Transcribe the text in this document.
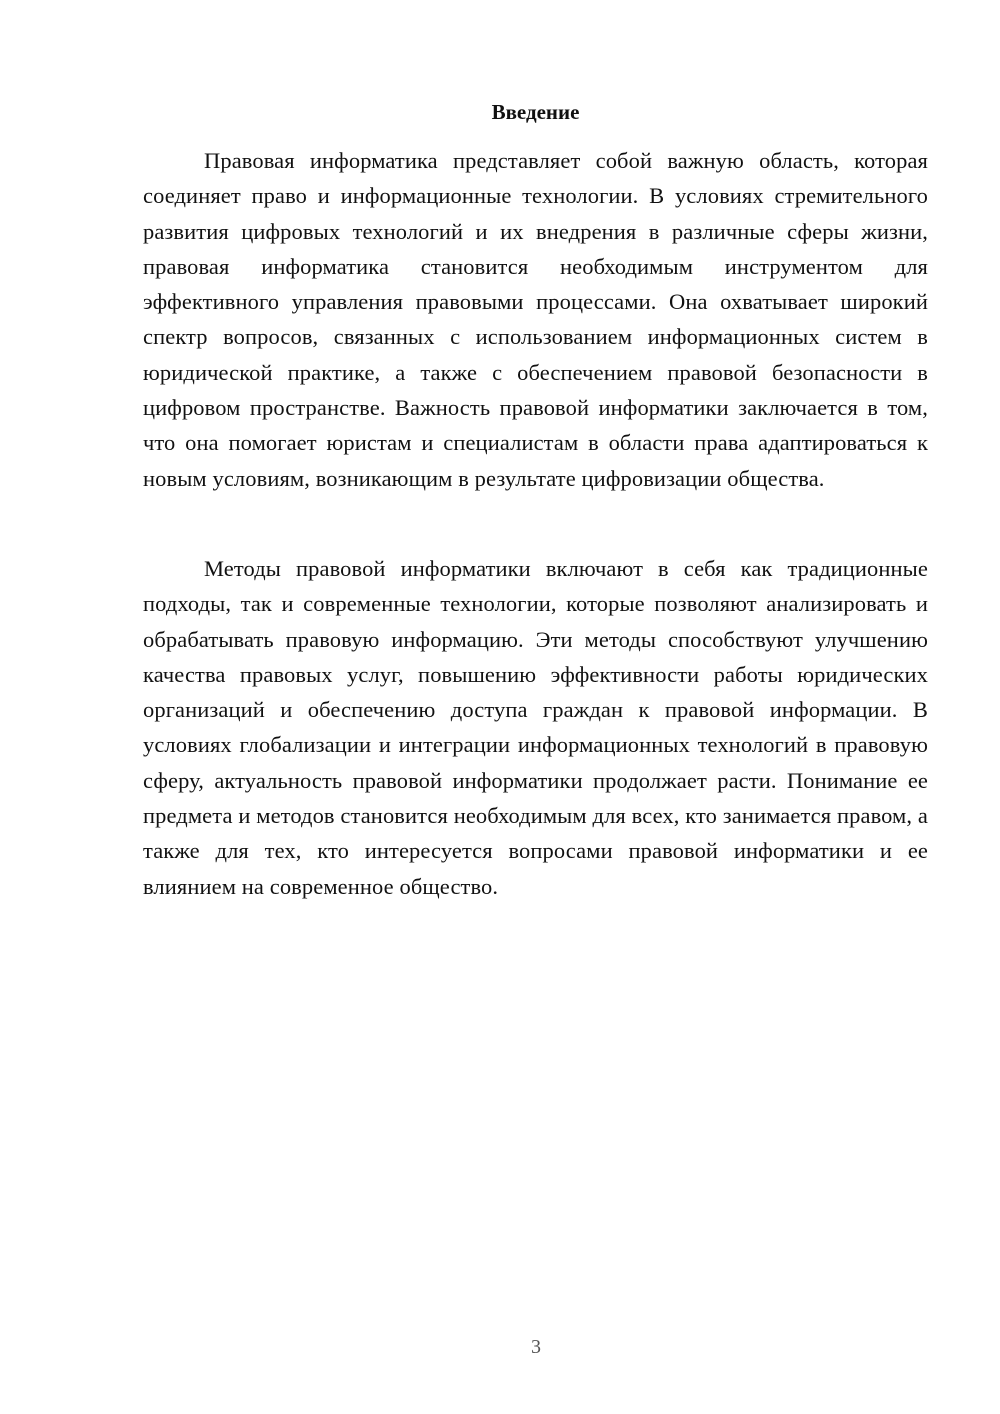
Введение

Правовая информатика представляет собой важную область, которая соединяет право и информационные технологии. В условиях стремительного развития цифровых технологий и их внедрения в различные сферы жизни, правовая информатика становится необходимым инструментом для эффективного управления правовыми процессами. Она охватывает широкий спектр вопросов, связанных с использованием информационных систем в юридической практике, а также с обеспечением правовой безопасности в цифровом пространстве. Важность правовой информатики заключается в том, что она помогает юристам и специалистам в области права адаптироваться к новым условиям, возникающим в результате цифровизации общества.

Методы правовой информатики включают в себя как традиционные подходы, так и современные технологии, которые позволяют анализировать и обрабатывать правовую информацию. Эти методы способствуют улучшению качества правовых услуг, повышению эффективности работы юридических организаций и обеспечению доступа граждан к правовой информации. В условиях глобализации и интеграции информационных технологий в правовую сферу, актуальность правовой информатики продолжает расти. Понимание ее предмета и методов становится необходимым для всех, кто занимается правом, а также для тех, кто интересуется вопросами правовой информатики и ее влиянием на современное общество.

3
